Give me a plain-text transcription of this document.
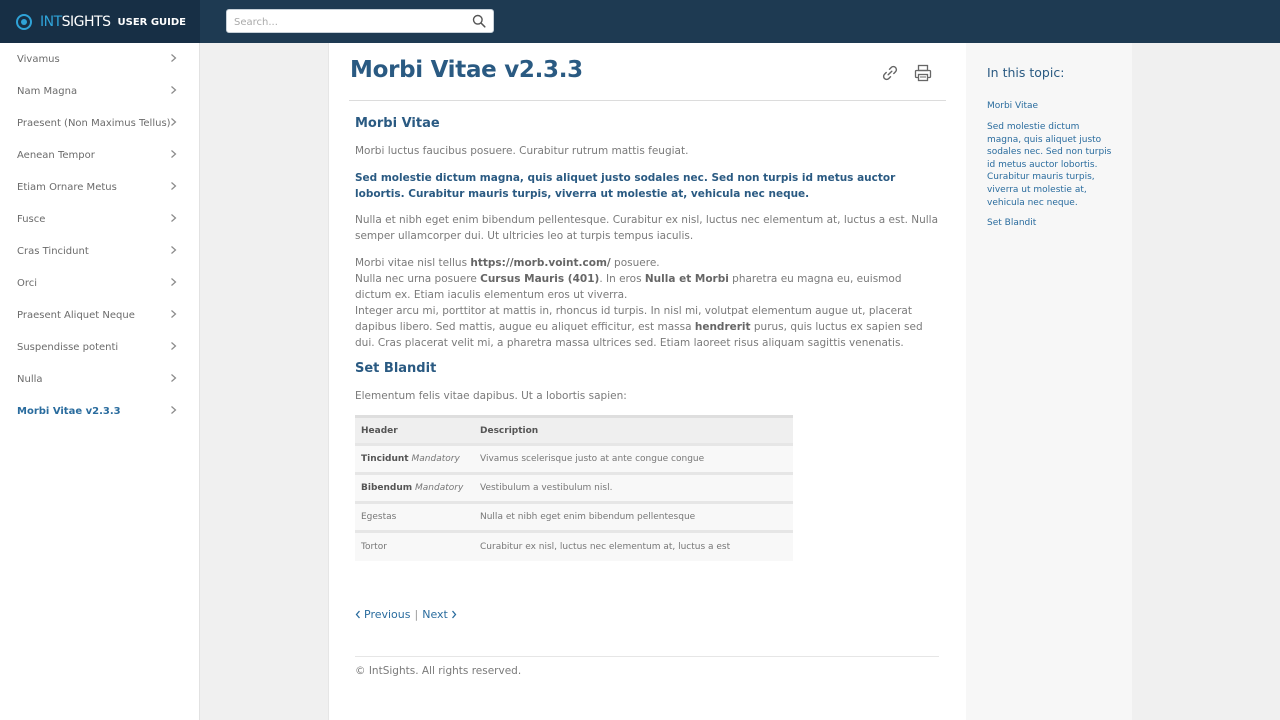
INTSIGHTS USER GUIDE
Search...
Vivamus
Nam Magna
Praesent (Non Maximus Tellus)
Aenean Tempor
Etiam Ornare Metus
Fusce
Cras Tincidunt
Orci
Praesent Aliquet Neque
Suspendisse potenti
Nulla
Morbi Vitae v2.3.3
Morbi Vitae v2.3.3
Morbi Vitae
Morbi luctus faucibus posuere. Curabitur rutrum mattis feugiat.
Sed molestie dictum magna, quis aliquet justo sodales nec. Sed non turpis id metus auctor lobortis. Curabitur mauris turpis, viverra ut molestie at, vehicula nec neque.
Nulla et nibh eget enim bibendum pellentesque. Curabitur ex nisl, luctus nec elementum at, luctus a est. Nulla semper ullamcorper dui. Ut ultricies leo at turpis tempus iaculis.
Morbi vitae nisl tellus https://morb.voint.com/ posuere.
Nulla nec urna posuere Cursus Mauris (401). In eros Nulla et Morbi pharetra eu magna eu, euismod dictum ex. Etiam iaculis elementum eros ut viverra.
Integer arcu mi, porttitor at mattis in, rhoncus id turpis. In nisl mi, volutpat elementum augue ut, placerat dapibus libero. Sed mattis, augue eu aliquet efficitur, est massa hendrerit purus, quis luctus ex sapien sed dui. Cras placerat velit mi, a pharetra massa ultrices sed. Etiam laoreet risus aliquam sagittis venenatis.
Set Blandit
Elementum felis vitae dapibus. Ut a lobortis sapien:
Header	Description
Tincidunt Mandatory	Vivamus scelerisque justo at ante congue congue
Bibendum Mandatory	Vestibulum a vestibulum nisl.
Egestas	Nulla et nibh eget enim bibendum pellentesque
Tortor	Curabitur ex nisl, luctus nec elementum at, luctus a est
Previous | Next
© IntSights. All rights reserved.
In this topic:
Morbi Vitae
Sed molestie dictum magna, quis aliquet justo sodales nec. Sed non turpis id metus auctor lobortis. Curabitur mauris turpis, viverra ut molestie at, vehicula nec neque.
Set Blandit
